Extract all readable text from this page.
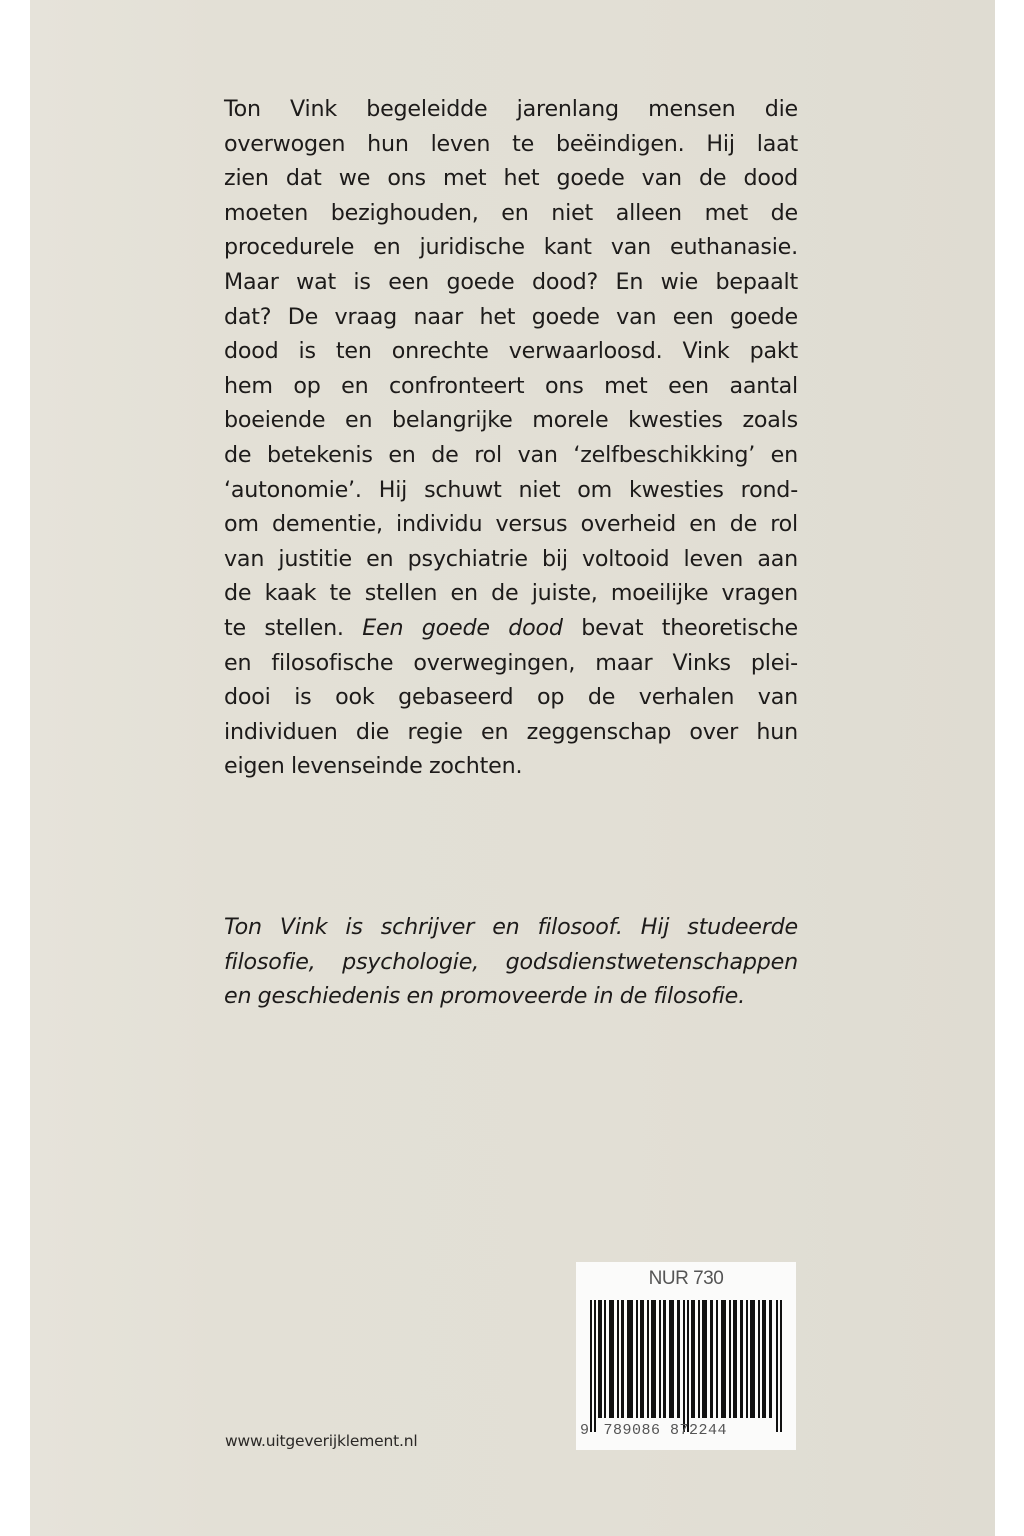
Ton Vink begeleidde jarenlang mensen die
overwogen hun leven te beëindigen. Hij laat
zien dat we ons met het goede van de dood
moeten bezighouden, en niet alleen met de
procedurele en juridische kant van euthanasie.
Maar wat is een goede dood? En wie bepaalt
dat? De vraag naar het goede van een goede
dood is ten onrechte verwaarloosd. Vink pakt
hem op en confronteert ons met een aantal
boeiende en belangrijke morele kwesties zoals
de betekenis en de rol van ‘zelfbeschikking’ en
‘autonomie’. Hij schuwt niet om kwesties rond-
om dementie, individu versus overheid en de rol
van justitie en psychiatrie bij voltooid leven aan
de kaak te stellen en de juiste, moeilijke vragen
te stellen. Een goede dood bevat theoretische
en filosofische overwegingen, maar Vinks plei-
dooi is ook gebaseerd op de verhalen van
individuen die regie en zeggenschap over hun
eigen levenseinde zochten.
Ton Vink is schrijver en filosoof. Hij studeerde
filosofie, psychologie, godsdienstwetenschappen
en geschiedenis en promoveerde in de filosofie.
NUR 730
9 789086 872244
www.uitgeverijklement.nl
